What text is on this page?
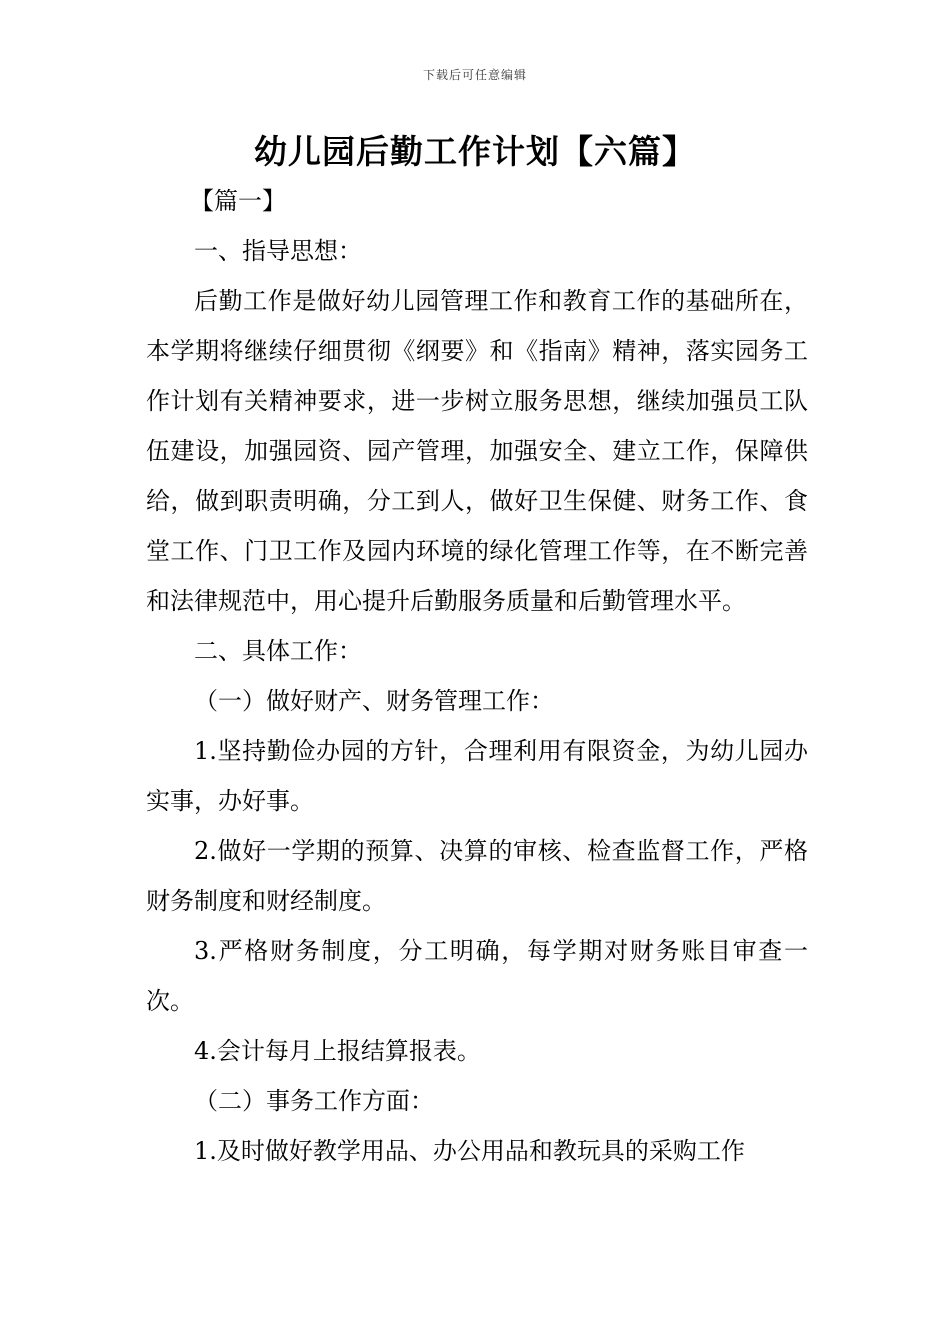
下载后可任意编辑
幼儿园后勤工作计划【六篇】

【篇一】

一、指导思想：

后勤工作是做好幼儿园管理工作和教育工作的基础所在，本学期将继续仔细贯彻《纲要》和《指南》精神，落实园务工作计划有关精神要求，进一步树立服务思想，继续加强员工队伍建设，加强园资、园产管理，加强安全、建立工作，保障供给，做到职责明确，分工到人，做好卫生保健、财务工作、食堂工作、门卫工作及园内环境的绿化管理工作等，在不断完善和法律规范中，用心提升后勤服务质量和后勤管理水平。

二、具体工作：

（一）做好财产、财务管理工作：

1.坚持勤俭办园的方针，合理利用有限资金，为幼儿园办实事，办好事。

2.做好一学期的预算、决算的审核、检查监督工作，严格财务制度和财经制度。

3.严格财务制度，分工明确，每学期对财务账目审查一次。

4.会计每月上报结算报表。

（二）事务工作方面：

1.及时做好教学用品、办公用品和教玩具的采购工作
